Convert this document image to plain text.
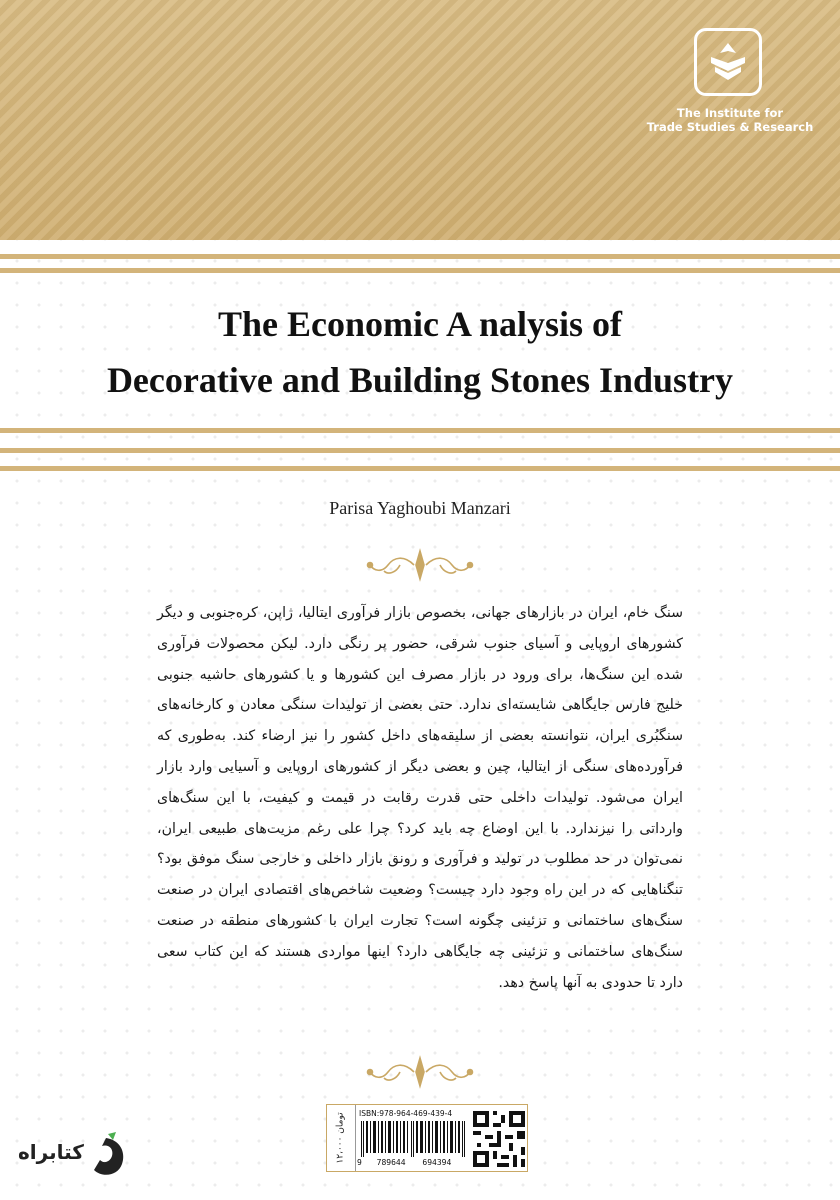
The Institute for
Trade Studies & Research
The Economic A nalysis of
Decorative and Building Stones Industry
Parisa Yaghoubi Manzari
سنگ خام، ایران در بازارهای جهانی، بخصوص بازار فرآوری ایتالیا، ژاپن، کره‌جنوبی و دیگر کشورهای اروپایی و آسیای جنوب شرقی، حضور پر رنگی دارد. لیکن محصولات فرآوری شده این سنگ‌ها، برای ورود در بازار مصرف این کشورها و یا کشورهای حاشیه جنوبی خلیج فارس جایگاهی شایسته‌ای ندارد. حتی بعضی از تولیدات سنگی معادن و کارخانه‌های سنگبُری ایران، نتوانسته بعضی از سلیقه‌های داخل کشور را نیز ارضاء کند. به‌طوری که فرآورده‌های سنگی از ایتالیا، چین و بعضی دیگر از کشورهای اروپایی و آسیایی وارد بازار ایران می‌شود. تولیدات داخلی حتی قدرت رقابت در قیمت و کیفیت، با این سنگ‌های وارداتی را نیزندارد. با این اوضاع چه باید کرد؟ چرا علی رغم مزیت‌های طبیعی ایران، نمی‌توان در حد مطلوب در تولید و فرآوری و رونق بازار داخلی و خارجی سنگ موفق بود؟ تنگناهایی که در این راه وجود دارد چیست؟ وضعیت شاخص‌های اقتصادی ایران در صنعت سنگ‌های ساختمانی و تزئینی چگونه است؟ تجارت ایران با کشورهای منطقه در صنعت سنگ‌های ساختمانی و تزئینی چه جایگاهی دارد؟ اینها مواردی هستند که این کتاب سعی دارد تا حدودی به آنها پاسخ دهد.
۱۲،۰۰۰ تومان ISBN:978-964-469-439-4
9 789644 694394
کتابراه
